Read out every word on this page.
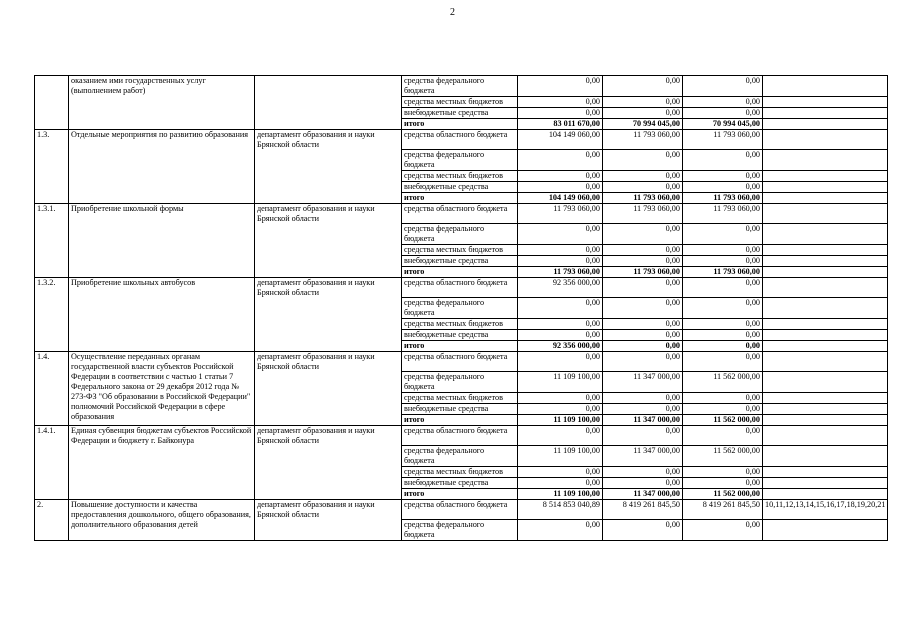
2
	оказанием ими государственных услуг (выполнением работ)		средства федерального бюджета	0,00	0,00	0,00	
			средства местных бюджетов	0,00	0,00	0,00	
			внебюджетные средства	0,00	0,00	0,00	
			итого	83 011 670,00	70 994 045,00	70 994 045,00	
1.3.	Отдельные мероприятия по развитию образования	департамент образования и науки Брянской области	средства областного бюджета	104 149 060,00	11 793 060,00	11 793 060,00	
			средства федерального бюджета	0,00	0,00	0,00	
			средства местных бюджетов	0,00	0,00	0,00	
			внебюджетные средства	0,00	0,00	0,00	
			итого	104 149 060,00	11 793 060,00	11 793 060,00	
1.3.1.	Приобретение школьной формы	департамент образования и науки Брянской области	средства областного бюджета	11 793 060,00	11 793 060,00	11 793 060,00	
			средства федерального бюджета	0,00	0,00	0,00	
			средства местных бюджетов	0,00	0,00	0,00	
			внебюджетные средства	0,00	0,00	0,00	
			итого	11 793 060,00	11 793 060,00	11 793 060,00	
1.3.2.	Приобретение школьных автобусов	департамент образования и науки Брянской области	средства областного бюджета	92 356 000,00	0,00	0,00	
			средства федерального бюджета	0,00	0,00	0,00	
			средства местных бюджетов	0,00	0,00	0,00	
			внебюджетные средства	0,00	0,00	0,00	
			итого	92 356 000,00	0,00	0,00	
1.4.	Осуществление переданных органам государственной власти субъектов Российской Федерации в соответствии с частью 1 статьи 7 Федерального закона от 29 декабря 2012 года № 273-ФЗ "Об образовании в Российской Федерации" полномочий Российской Федерации в сфере образования	департамент образования и науки Брянской области	средства областного бюджета	0,00	0,00	0,00	
			средства федерального бюджета	11 109 100,00	11 347 000,00	11 562 000,00	
			средства местных бюджетов	0,00	0,00	0,00	
			внебюджетные средства	0,00	0,00	0,00	
			итого	11 109 100,00	11 347 000,00	11 562 000,00	
1.4.1.	Единая субвенция бюджетам субъектов Российской Федерации и бюджету г. Байконура	департамент образования и науки Брянской области	средства областного бюджета	0,00	0,00	0,00	
			средства федерального бюджета	11 109 100,00	11 347 000,00	11 562 000,00	
			средства местных бюджетов	0,00	0,00	0,00	
			внебюджетные средства	0,00	0,00	0,00	
			итого	11 109 100,00	11 347 000,00	11 562 000,00	
2.	Повышение доступности и качества предоставления дошкольного, общего образования, дополнительного образования детей	департамент образования и науки Брянской области	средства областного бюджета	8 514 853 040,89	8 419 261 845,50	8 419 261 845,50	10,11,12,13,14,15,16,17,18,19,20,21
			средства федерального бюджета	0,00	0,00	0,00	
